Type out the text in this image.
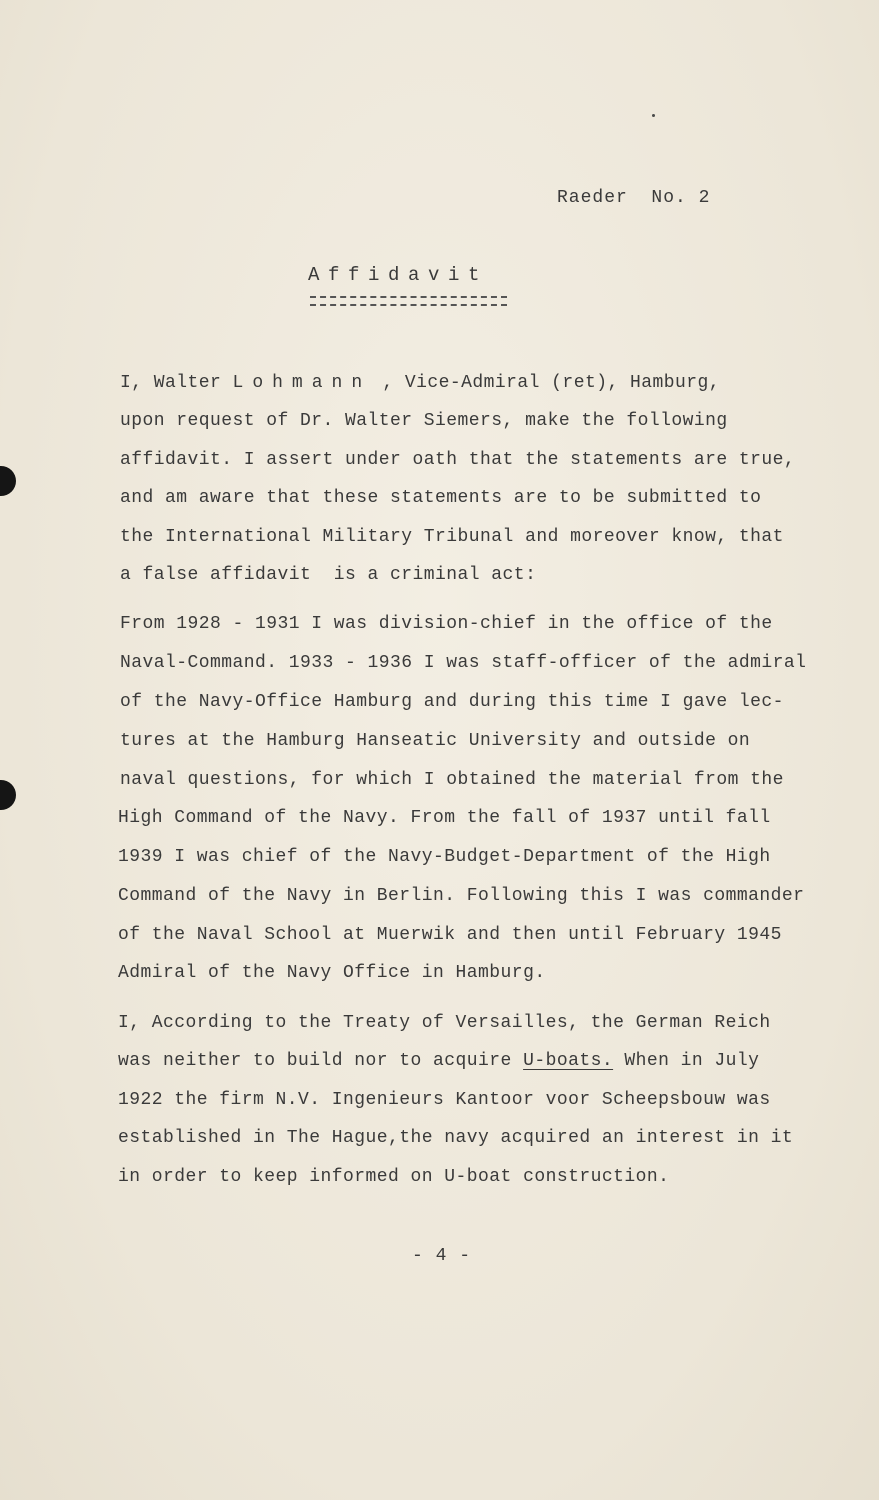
Raeder  No. 2
Affidavit
I, Walter Lohmann , Vice-Admiral (ret), Hamburg,
upon request of Dr. Walter Siemers, make the following
affidavit. I assert under oath that the statements are true,
and am aware that these statements are to be submitted to
the International Military Tribunal and moreover know, that
a false affidavit  is a criminal act:
From 1928 - 1931 I was division-chief in the office of the
Naval-Command. 1933 - 1936 I was staff-officer of the admiral
of the Navy-Office Hamburg and during this time I gave lec-
tures at the Hamburg Hanseatic University and outside on
naval questions, for which I obtained the material from the
High Command of the Navy. From the fall of 1937 until fall
1939 I was chief of the Navy-Budget-Department of the High
Command of the Navy in Berlin. Following this I was commander
of the Naval School at Muerwik and then until February 1945
Admiral of the Navy Office in Hamburg.
I, According to the Treaty of Versailles, the German Reich
was neither to build nor to acquire U-boats. When in July
1922 the firm N.V. Ingenieurs Kantoor voor Scheepsbouw was
established in The Hague,the navy acquired an interest in it
in order to keep informed on U-boat construction.
- 4 -
